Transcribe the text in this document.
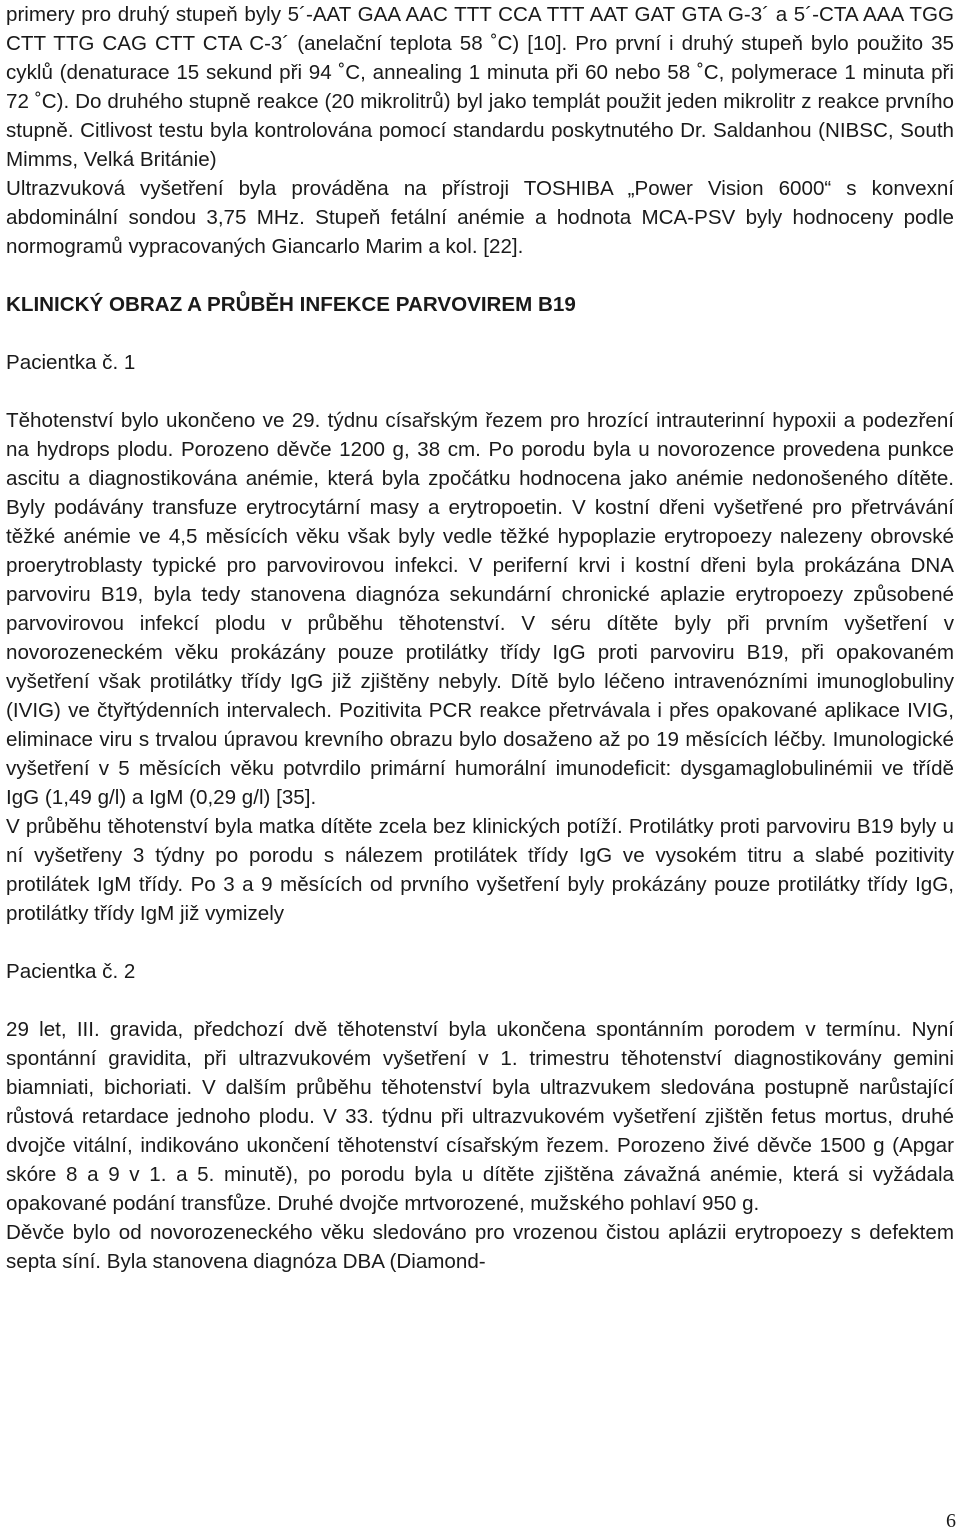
primery pro druhý stupeň byly 5´-AAT GAA AAC TTT CCA TTT AAT GAT GTA G-3´ a 5´-CTA AAA TGG CTT TTG CAG CTT CTA C-3´ (anelační teplota 58 ˚C) [10]. Pro první i druhý stupeň bylo použito 35 cyklů (denaturace 15 sekund při 94 ˚C, annealing 1 minuta při 60 nebo 58 ˚C, polymerace 1 minuta při 72 ˚C). Do druhého stupně reakce (20 mikrolitrů) byl jako templát použit jeden mikrolitr z reakce prvního stupně. Citlivost testu byla kontrolována pomocí standardu poskytnutého Dr. Saldanhou (NIBSC, South Mimms, Velká Británie)

Ultrazvuková vyšetření byla prováděna na přístroji TOSHIBA „Power Vision 6000“ s konvexní abdominální sondou 3,75 MHz. Stupeň fetální anémie a hodnota MCA-PSV byly hodnoceny podle normogramů vypracovaných Giancarlo Marim a kol. [22].

KLINICKÝ OBRAZ A PRŮBĚH INFEKCE PARVOVIREM B19

Pacientka č. 1

Těhotenství bylo ukončeno ve 29. týdnu císařským řezem pro hrozící intrauterinní hypoxii a podezření na hydrops plodu. Porozeno děvče 1200 g, 38 cm. Po porodu byla u novorozence provedena punkce ascitu a diagnostikována anémie, která byla zpočátku hodnocena jako anémie nedonošeného dítěte. Byly podávány transfuze erytrocytární masy a erytropoetin. V kostní dřeni vyšetřené pro přetrvávání těžké anémie ve 4,5 měsících věku však byly vedle těžké hypoplazie erytropoezy nalezeny obrovské proerytroblasty typické pro parvovirovou infekci. V periferní krvi i kostní dřeni byla prokázána DNA parvoviru B19, byla tedy stanovena diagnóza sekundární chronické aplazie erytropoezy způsobené parvovirovou infekcí plodu v průběhu těhotenství. V séru dítěte byly při prvním vyšetření v novorozeneckém věku prokázány pouze protilátky třídy IgG proti parvoviru B19, při opakovaném vyšetření však protilátky třídy IgG již zjištěny nebyly. Dítě bylo léčeno intravenózními imunoglobuliny (IVIG) ve čtyřtýdenních intervalech. Pozitivita PCR reakce přetrvávala i přes opakované aplikace IVIG, eliminace viru s trvalou úpravou krevního obrazu bylo dosaženo až po 19 měsících léčby. Imunologické vyšetření v 5 měsících věku potvrdilo primární humorální imunodeficit: dysgamaglobulinémii ve třídě IgG (1,49 g/l) a IgM (0,29 g/l) [35].

V průběhu těhotenství byla matka dítěte zcela bez klinických potíží. Protilátky proti parvoviru B19 byly u ní vyšetřeny 3 týdny po porodu s nálezem protilátek třídy IgG ve vysokém titru a slabé pozitivity protilátek IgM třídy. Po 3 a 9 měsících od prvního vyšetření byly prokázány pouze protilátky třídy IgG, protilátky třídy IgM již vymizely

Pacientka č. 2

29 let, III. gravida, předchozí dvě těhotenství byla ukončena spontánním porodem v termínu. Nyní spontánní gravidita, při ultrazvukovém vyšetření v 1. trimestru těhotenství diagnostikovány gemini biamniati, bichoriati. V dalším průběhu těhotenství byla ultrazvukem sledována postupně narůstající růstová retardace jednoho plodu. V 33. týdnu při ultrazvukovém vyšetření zjištěn fetus mortus, druhé dvojče vitální, indikováno ukončení těhotenství císařským řezem. Porozeno živé děvče 1500 g (Apgar skóre 8 a 9 v 1. a 5. minutě), po porodu byla u dítěte zjištěna závažná anémie, která si vyžádala opakované podání transfůze. Druhé dvojče mrtvorozené, mužského pohlaví 950 g.

Děvče bylo od novorozeneckého věku sledováno pro vrozenou čistou aplázii erytropoezy s defektem septa síní. Byla stanovena diagnóza DBA (Diamond-

6
